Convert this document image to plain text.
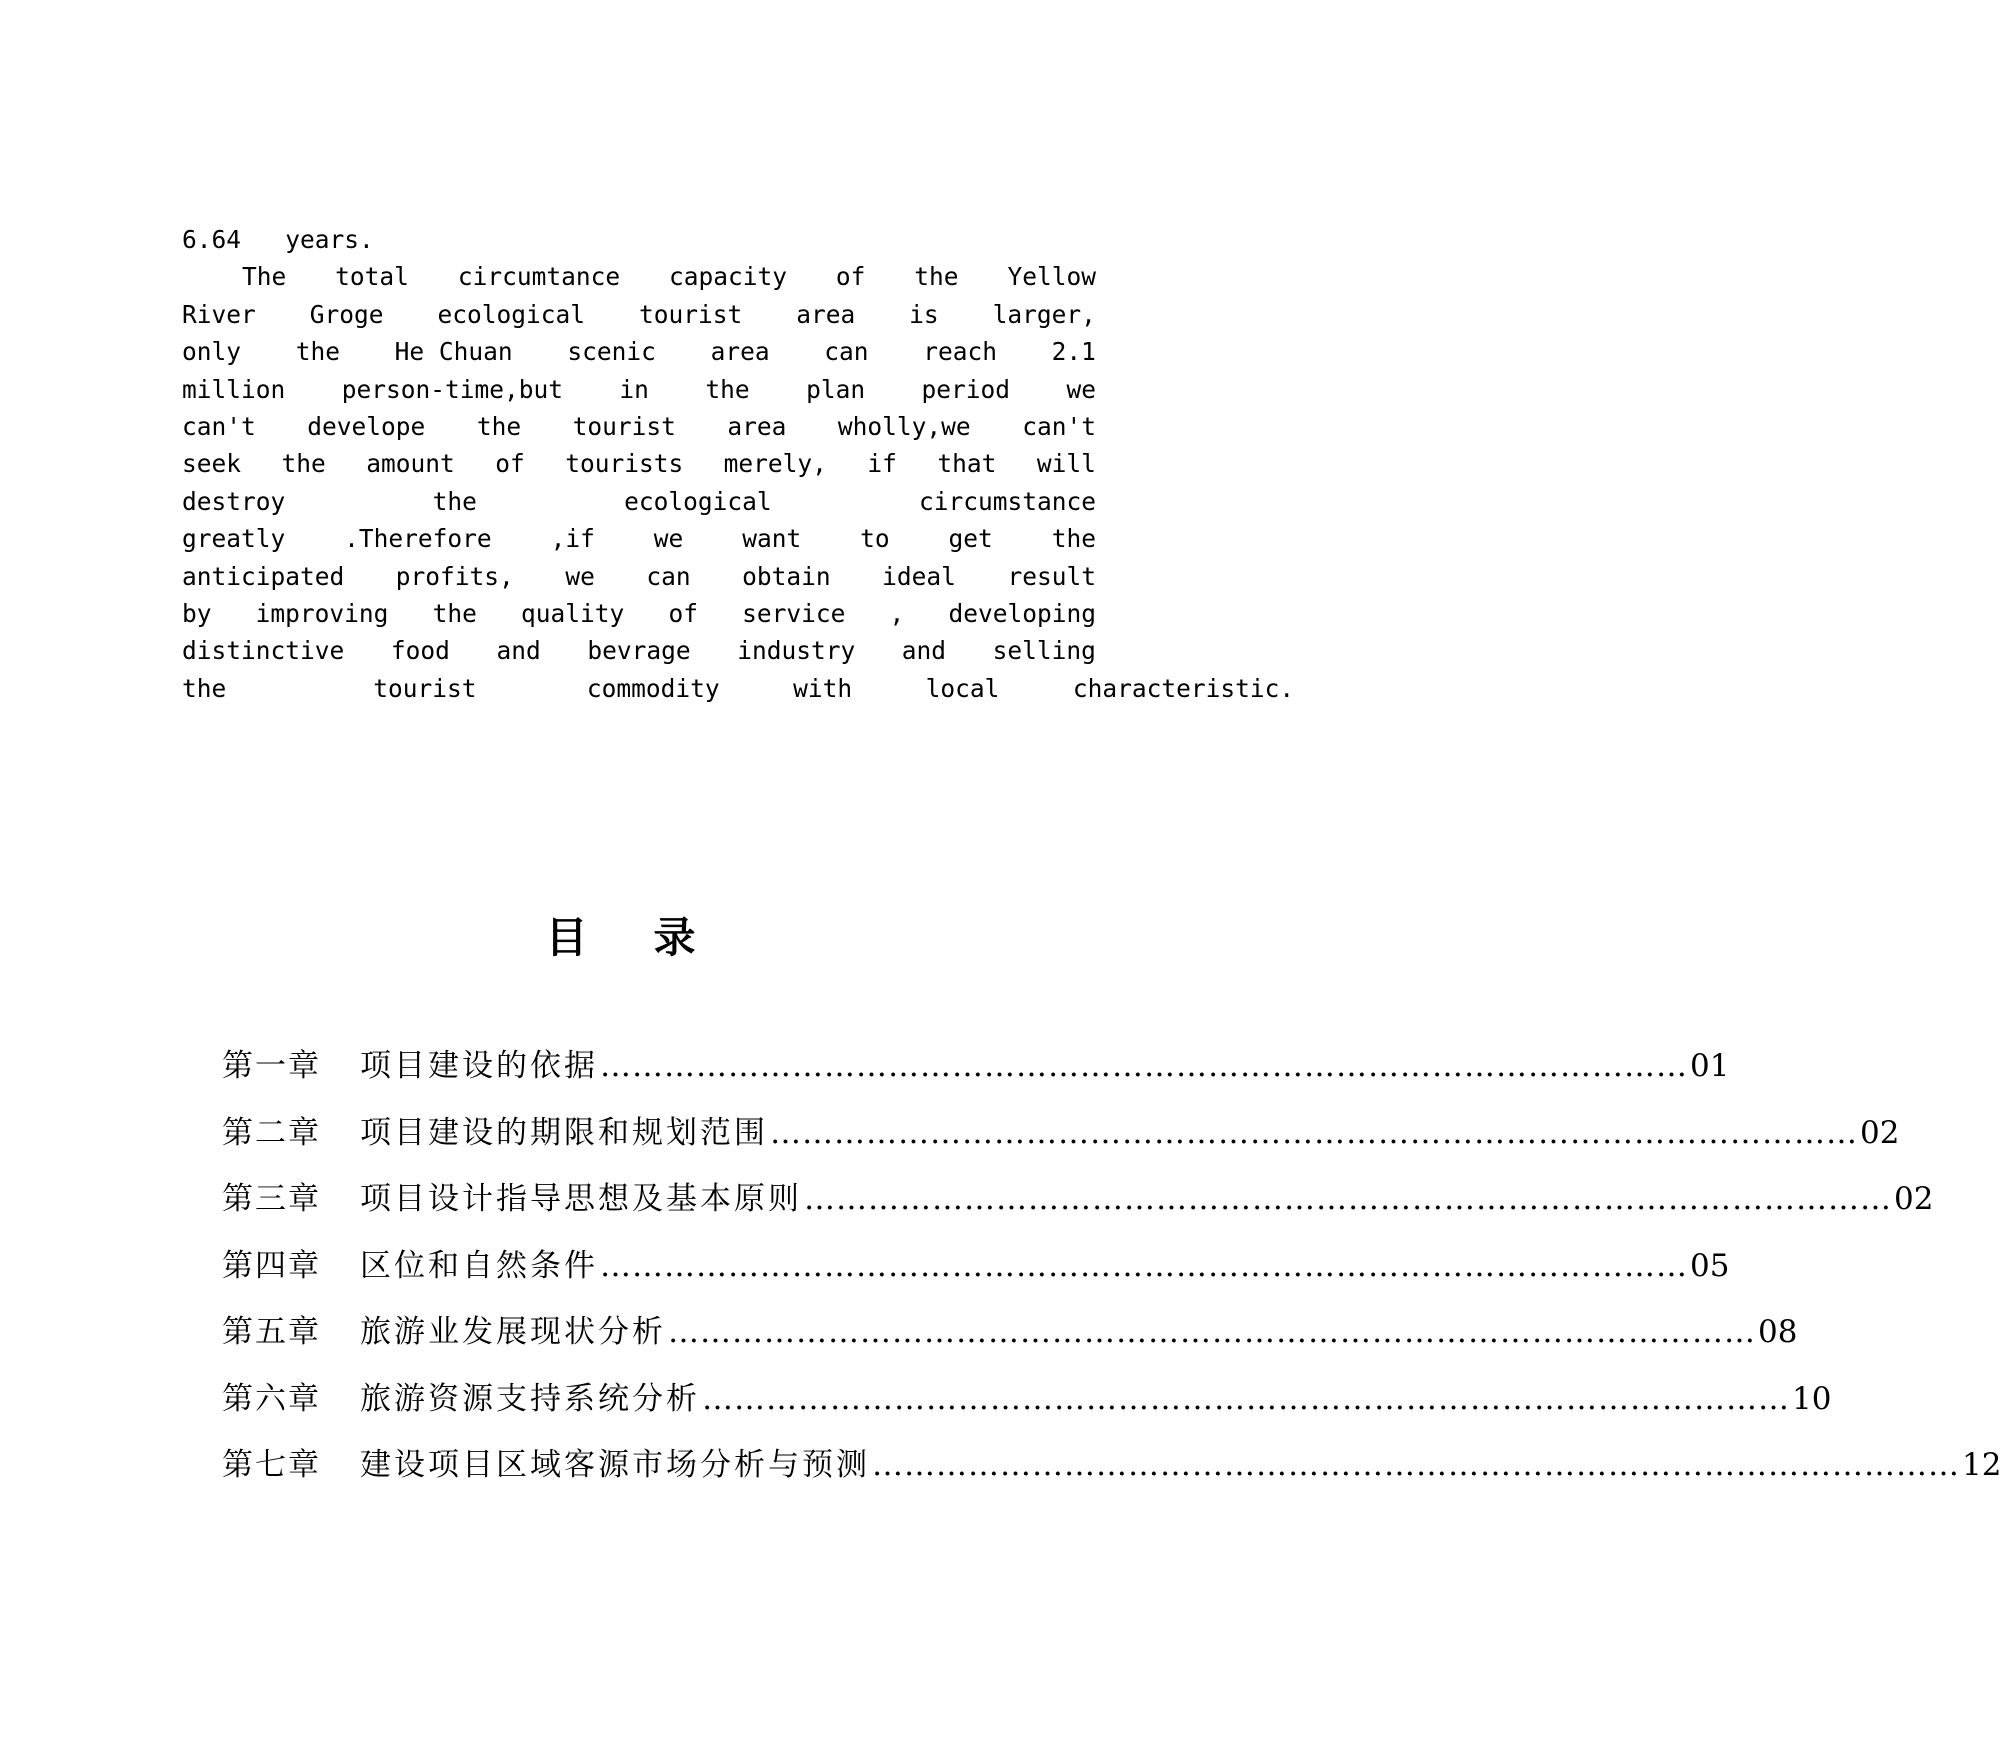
6.64
years.
The total circumtance capacity of the Yellow
River Groge ecological tourist area is larger,
only the He Chuan scenic area can reach 2.1
million person-time,but in the plan period we
can't develope the tourist area wholly,we can't
seek the amount of tourists merely, if that will
destroy	the	ecological	circumstance
greatly .Therefore ,if we want to get the
anticipated profits, we can obtain ideal result
by improving the quality of service , developing
distinctive food and bevrage industry and selling
the
	tourist
	commodity
	with
	local
	characteristic.
目录
第一章	项目建设的依据 …………………………………………………………………………………………	01
第二章	项目建设的期限和规划范围 …………………………………………………………………………………………	02
第三章	项目设计指导思想及基本原则 …………………………………………………………………………………………	02
第四章	区位和自然条件 …………………………………………………………………………………………	05
第五章	旅游业发展现状分析 …………………………………………………………………………………………	08
第六章	旅游资源支持系统分析 …………………………………………………………………………………………	10
第七章	建设项目区域客源市场分析与预测 …………………………………………………………………………………………	12
